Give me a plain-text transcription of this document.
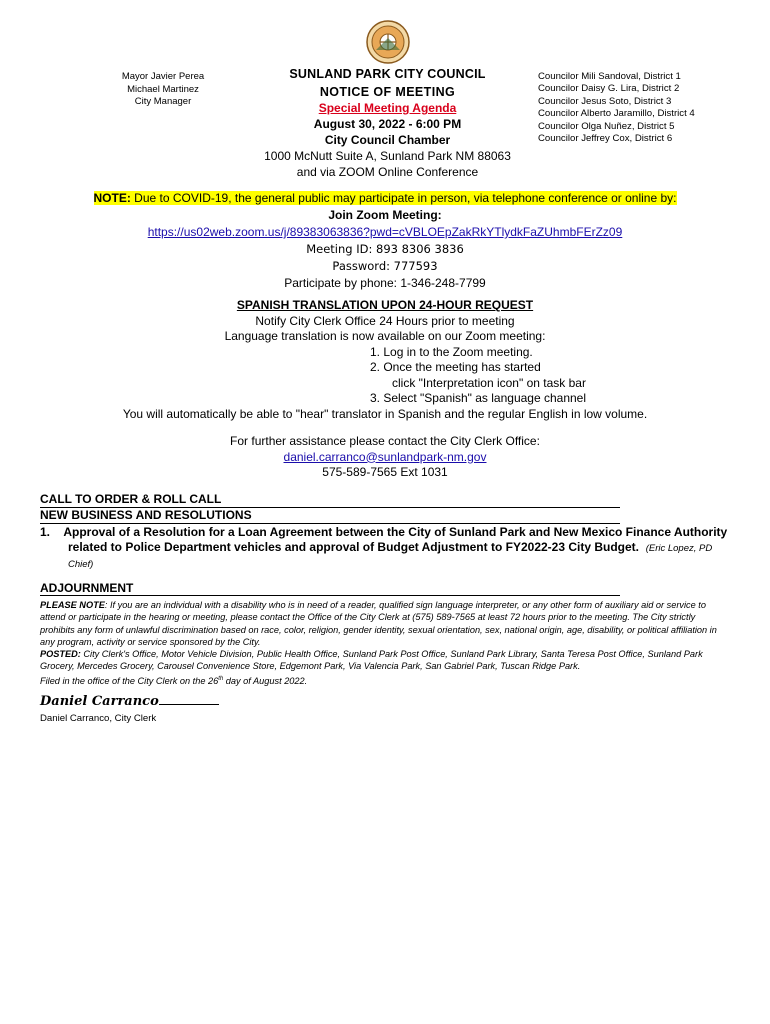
Mayor Javier Perea
Michael Martinez
City Manager
SUNLAND PARK CITY COUNCIL
NOTICE OF MEETING
Special Meeting Agenda
August 30, 2022 - 6:00 PM
City Council Chamber
1000 McNutt Suite A, Sunland Park NM 88063
and via ZOOM Online Conference
Councilor Mili Sandoval, District 1
Councilor Daisy G. Lira, District 2
Councilor Jesus Soto, District 3
Councilor Alberto Jaramillo, District 4
Councilor Olga Nuñez, District 5
Councilor Jeffrey Cox, District 6
NOTE: Due to COVID-19, the general public may participate in person, via telephone conference or online by:
Join Zoom Meeting:
https://us02web.zoom.us/j/89383063836?pwd=cVBLOEpZakRkYTlydkFaZUhmbFErZz09
Meeting ID: 893 8306 3836
Password: 777593
Participate by phone: 1-346-248-7799
SPANISH TRANSLATION UPON 24-HOUR REQUEST
Notify City Clerk Office 24 Hours prior to meeting
Language translation is now available on our Zoom meeting:
1. Log in to the Zoom meeting.
2. Once the meeting has started
click "Interpretation icon" on task bar
3. Select "Spanish" as language channel
You will automatically be able to "hear" translator in Spanish and the regular English in low volume.
For further assistance please contact the City Clerk Office:
daniel.carranco@sunlandpark-nm.gov
575-589-7565 Ext 1031
CALL TO ORDER & ROLL CALL
NEW BUSINESS AND RESOLUTIONS
1. Approval of a Resolution for a Loan Agreement between the City of Sunland Park and New Mexico Finance Authority related to Police Department vehicles and approval of Budget Adjustment to FY2022-23 City Budget. (Eric Lopez, PD Chief)
ADJOURNMENT
PLEASE NOTE: If you are an individual with a disability who is in need of a reader, qualified sign language interpreter, or any other form of auxiliary aid or service to attend or participate in the hearing or meeting, please contact the Office of the City Clerk at (575) 589-7565 at least 72 hours prior to the meeting. The City strictly prohibits any form of unlawful discrimination based on race, color, religion, gender identity, sexual orientation, sex, national origin, age, disability, or political affiliation in any program, activity or service sponsored by the City.
POSTED: City Clerk's Office, Motor Vehicle Division, Public Health Office, Sunland Park Post Office, Sunland Park Library, Santa Teresa Post Office, Sunland Park Grocery, Mercedes Grocery, Carousel Convenience Store, Edgemont Park, Via Valencia Park, San Gabriel Park, Tuscan Ridge Park.
Filed in the office of the City Clerk on the 26th day of August 2022.
Daniel Carranco
Daniel Carranco, City Clerk
